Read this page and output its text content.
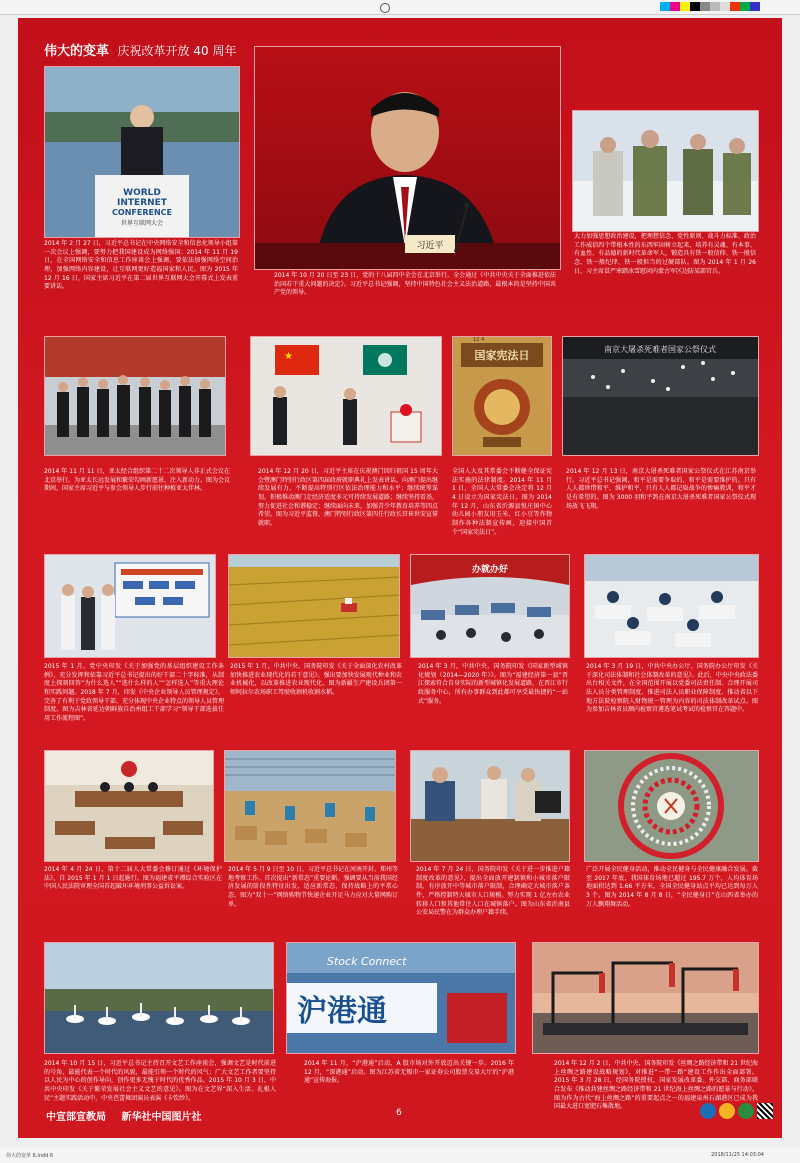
伟大的变革 庆祝改革开放 40 周年
WORLD
INTERNET
CONFERENCE
世界互联网大会

2014 年 2 月 27 日，习近平总书记在中央网络安全和信息化领导小组第一次会议上强调，要努力把我国建设成为网络强国；2014 年 11 月 19 日，在全国网络安全和信息工作座谈会上强调，要依法加强网络空间治理，加强网络内容建设，让互联网更好造福国家和人民。图为 2015 年 12 月 16 日，国家主席习近平在第二届世界互联网大会开幕式上发表重要讲话。

习近平

2014 年 10 月 20 日至 23 日，党的十八届四中全会在北京举行。全会通过《中共中央关于全面推进依法治国若干重大问题的决定》。习近平总书记强调，坚持中国特色社会主义法治道路，最根本的是坚持中国共产党的领导。

大力加强思想政治建设，把理想信念、党性原则、战斗力标准、政治工作威信四个带根本性的东西牢固树立起来，培养有灵魂、有本事、有血性、有品德的新时代革命军人，锻造具有铁一般信仰、铁一般信念、铁一般纪律、铁一般担当的过硬部队。图为 2014 年 1 月 26 日，习主席冒严寒踏冰雪慰问内蒙古军区边防某部官兵。

2014 年 11 月 11 日，亚太经合组织第二十二次领导人非正式会议在北京举行。为亚太长远发展和繁荣勾画新愿景，注入新动力。图为会议期间，国家主席习近平与参会领导人步行前往种植亚太伴林。

★

2014 年 12 月 20 日，习近平主席在庆祝澳门回归祖国 15 周年大会暨澳门特别行政区第四届政府就职典礼上发表讲话，向澳门提出继续发展有力、不断提高特别行区依法治理能力和水平；继续统筹谋划，积极推动澳门走经济适度多元可持续发展道路；继续坚持看基，努力促进社会和谐稳定；继续面向未来，加强青少年教育培养等四点希望。图为习近平监督，澳门特别行政区第四任行政长官崔世安宣誓就职。

国家宪法日
12 4

全国人大及其常委会不断健全保证宪法实施的法律制度。2014 年 11 月 1 日，全国人大常委会决定将 12 月 4 日设立为国家宪法日。图为 2014 年 12 月，山东省沂源县悦庄镇中心幼儿园小朋友用玉米、红小豆等作物制作各种法制宣传画，迎接中国首个“国家宪法日”。

南京大屠杀死难者国家公祭仪式

2014 年 12 月 13 日，南京大屠杀死难者国家公祭仪式在江苏南京举行。习近平总书记强调，和平是需要争取的，和平是需要维护的。只有人人都珍惜和平、维护和平，只有人人都记取战争的惨痛教训，和平才是有希望的。图为 3000 羽和平鸽在南京大屠杀死难者国家公祭仪式现场放飞飞翔。

2015 年 1 月，党中央印发《关于加强党的基层组织建设工作条例》，充分发挥和依靠习近平总书记提出的好干部二十字标准，从制度上探刻回答“为什么选人”“选什么样的人”“怎样选人”等重大理论和实践问题。2018 年 7 月，印发《中央企业领导人员管理规定》，完善了有利于党政领导干部、充分体现中央企业特点的领导人员管理制度。图为吉林省延边朝鲜族自治州组工干部学习“领导干部选拔任用工作流程图”。

2015 年 1 月，中共中央、国务院印发《关于全面深化农村改革加快推进农业现代化的若干意见》。强出要加快发展现代种业和农业机械化，以改革推进农业现代化。图为新疆生产建设兵团第一师阿拉尔农场职工驾驶收割机收割水稻。

办就办好

2014 年 3 月，中共中央、国务院印发《国家新型城镇化规划（2014—2020 年）》。图为“福建经济第一县”晋江探索符合自身实际的新型城镇化发展道路，在晋江市行政服务中心，所有办事群众到此都可享受最快捷的“一站式”服务。

2014 年 3 月 19 日，中共中央办公厅、国务院办公厅印发《关于深化司法体制和社会体制改革的意见》。此后，中央中央政法委出台相关文件，在全国范围开展以党委司法责任制、合理开展司法人员分类管理制度、推进司法人员职业保障制度、推动省以下地方法院检察院人财物统一管理为内容的司法体制改革试点。图为参加吉林省员额内检察官遴选笔试考试的检察官在答题中。

2014 年 4 月 24 日，第十二届人大常委会修订通过《环境保护法》，自 2015 年 1 月 1 日起施行。图为福建省平潭综合实验区在中国人民法院审理全国首起破坏环境刑事公益诉讼案。

2014 年 5 月 9 日至 10 日，习近平总书记在河南开封、郑州等地考察工作。首次提出“新常态”重要论断。强调要从当前我国经济发展的阶段性特征出发，适应新常态，保持战略上的平常心态。图为“双十一”网络购物节快递企业开足马力应对大量网购订单。

2014 年 7 月 24 日，国务院印发《关于进一步推进户籍制度改革的意见》，提出全面放开建制镇和小城市落户限制，有序放开中等城市落户限制，合理确定大城市落户条件，严格控制特大城市人口规模。努力实现 1 亿左右农业转移人口和其他常住人口在城镇落户。图为山东省沂南县公安局民警在为群众办理户籍手续。

广泛开展全民健身活动，推动全民健身与全民健康融合发展。截至 2017 年底，我国体育场地已超过 195.7 万个，人均体育场地面积达到 1.66 平方米，全国全民健身站点平均已达到每万人 3 个。图为 2014 年 8 月 8 日，“全民健身日”在山西省举办的万人飘翔舞活动。

2014 年 10 月 15 日，习近平总书记主持召开文艺工作座谈会，强调文艺是时代前进的号角，最能代表一个时代的风貌，最能引领一个时代的风气；广大文艺工作者要坚持以人民为中心的创作导向，创作更多无愧于时代的优秀作品。2015 年 10 月 3 日，中共中央印发《关于繁荣发展社会主义文艺的意见》。图为在文艺界“深入生活、扎根人民”主题实践活动中，中央芭蕾舞团演员表演《卡钦纱》。

Stock Connect
沪港通

2014 年 11 月，“沪港通”启动，A 股市场对外开放迈出关键一步。2016 年 12 月，“深港通”启动。图为江苏省无锡市一家证券公司股票交易大厅的“沪港通”宣传海报。

2014 年 12 月 2 日，中共中央、国务院印发《丝绸之路经济带和 21 世纪海上丝绸之路建设战略规划》，对推进“一带一路”建设工作作出全面部署。2015 年 3 月 28 日，经国务院授权，国家发展改革委、外交部、商务部联合发布《推动共建丝绸之路经济带和 21 世纪海上丝绸之路的愿景与行动》。图为作为古代“海上丝绸之路”的重要起点之一的福建泉州石湖港区已成为我国最大进口宽肥石集散地。

中宣部宣教局 新华社中国图片社	6
伟大的变革 6.indd 6	2018/11/25 14:03:04
